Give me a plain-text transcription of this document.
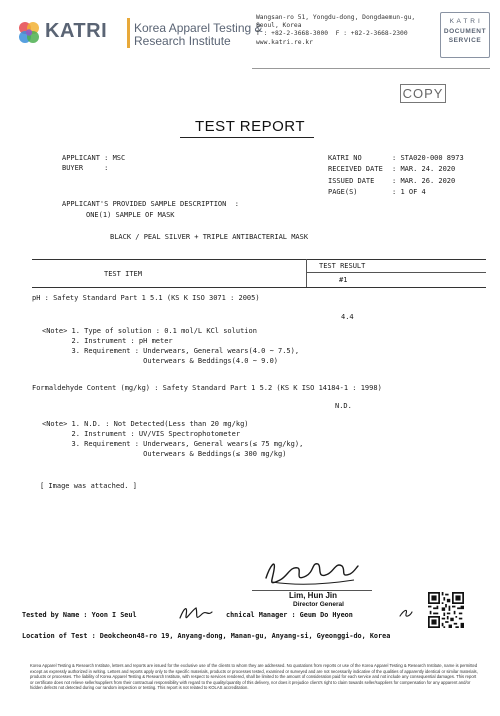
KATRI Korea Apparel Testing &
Research Institute
Wangsan-ro 51, Yongdu-dong, Dongdaemun-gu,
Seoul, Korea
T : +82-2-3668-3000  F : +82-2-3668-2300
www.katri.re.kr
K A T R I
DOCUMENT
SERVICE
COPY
TEST REPORT
APPLICANT : MSC
BUYER     :
KATRI NO	: STA020-000 8973
RECEIVED DATE : MAR. 24. 2020
ISSUED DATE	: MAR. 26. 2020
PAGE(S)	: 1 OF 4
APPLICANT'S PROVIDED SAMPLE DESCRIPTION  :
ONE(1) SAMPLE OF MASK
BLACK / PEAL SILVER + TRIPLE ANTIBACTERIAL MASK
TEST ITEM
TEST RESULT
#1
pH : Safety Standard Part 1 5.1 (KS K ISO 3071 : 2005)
4.4
<Note> 1. Type of solution : 0.1 mol/L KCl solution
2. Instrument : pH meter
3. Requirement : Underwears, General wears(4.0 ~ 7.5),
Outerwears & Beddings(4.0 ~ 9.0)
Formaldehyde Content (mg/kg) : Safety Standard Part 1 5.2 (KS K ISO 14184-1 : 1998)
N.D.
<Note> 1. N.D. : Not Detected(Less than 20 mg/kg)
2. Instrument : UV/VIS Spectrophotometer
3. Requirement : Underwears, General wears(≤ 75 mg/kg),
Outerwears & Beddings(≤ 300 mg/kg)
[ Image was attached. ]
Lim, Hun Jin
Director General
Tested by Name : Yoon I Seul	chnical Manager : Geum Do Hyeon
Location of Test : Deokcheon48-ro 19, Anyang-dong, Manan-gu, Anyang-si, Gyeonggi-do, Korea
Korea Apparel Testing & Research Institute, letters and reports are issued for the exclusive use of the clients to whom they are addressed. No quotations from reports or use of the Korea Apparel Testing & Research Institute, name is permitted except as expressly authorized in writing. Letters and reports apply only to the specific materials, products or processes tested, examined or surveyed and are not necessarily indicative of the qualities of apparently identical or similar materials, products or processes. The liability of Korea Apparel Testing & Research Institute, with respect to services rendered, shall be limited to the amount of consideration paid for each service and not include any consequential damages. This report or certificate does not relieve seller/suppliers from their contractual responsibility with regard to the quality/quantity of this delivery, nor does it prejudice client's right to claim towards seller/suppliers for compensation for any apparent and/or hidden defects not detected during our random inspection or testing. This report is not related to KOLAS accreditation.
